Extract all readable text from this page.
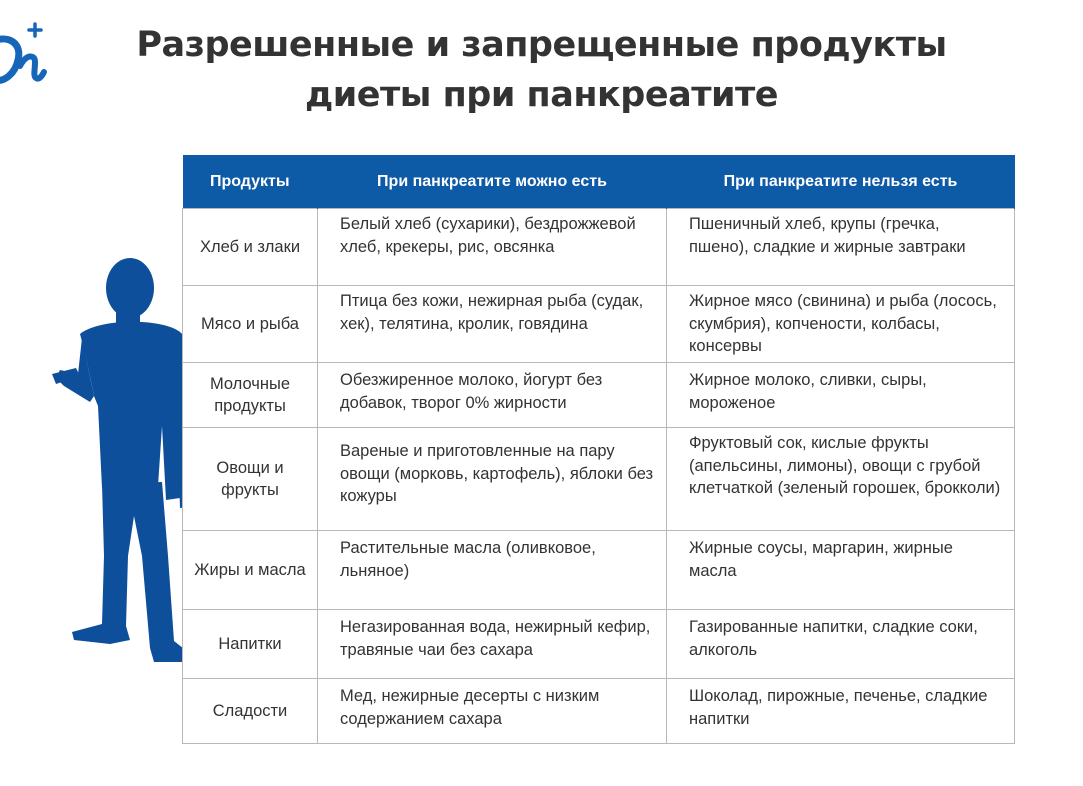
Разрешенные и запрещенные продукты
диеты при панкреатите
Продукты	При панкреатите можно есть	При панкреатите нельзя есть
Хлеб и злаки	Белый хлеб (сухарики), бездрожжевой хлеб, крекеры, рис, овсянка	Пшеничный хлеб, крупы (гречка, пшено), сладкие и жирные завтраки
Мясо и рыба	Птица без кожи, нежирная рыба (судак, хек), телятина, кролик, говядина	Жирное мясо (свинина) и рыба (лосось, скумбрия), копчености, колбасы, консервы
Молочные продукты	Обезжиренное молоко, йогурт без добавок, творог 0% жирности	Жирное молоко, сливки, сыры, мороженое
Овощи и фрукты	Вареные и приготовленные на пару овощи (морковь, картофель), яблоки без кожуры	Фруктовый сок, кислые фрукты (апельсины, лимоны), овощи с грубой клетчаткой (зеленый горошек, брокколи)
Жиры и масла	Растительные масла (оливковое, льняное)	Жирные соусы, маргарин, жирные масла
Напитки	Негазированная вода, нежирный кефир, травяные чаи без сахара	Газированные напитки, сладкие соки, алкоголь
Сладости	Мед, нежирные десерты с низким содержанием сахара	Шоколад, пирожные, печенье, сладкие напитки
